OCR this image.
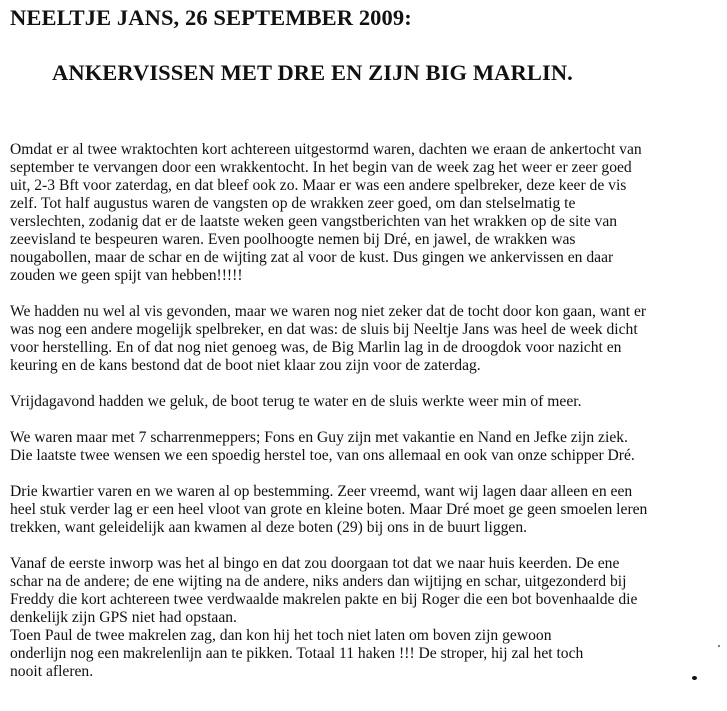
NEELTJE JANS, 26 SEPTEMBER 2009:
ANKERVISSEN MET DRE EN ZIJN BIG MARLIN.

Omdat er al twee wraktochten kort achtereen uitgestormd waren, dachten we eraan de ankertocht van
september te vervangen door een wrakkentocht. In het begin van de week zag het weer er zeer goed
uit, 2-3 Bft voor zaterdag, en dat bleef ook zo. Maar er was een andere spelbreker, deze keer de vis
zelf. Tot half augustus waren de vangsten op de wrakken zeer goed, om dan stelselmatig te
verslechten, zodanig dat er de laatste weken geen vangstberichten van het wrakken op de site van
zeevisland te bespeuren waren. Even poolhoogte nemen bij Dré, en jawel, de wrakken was
nougabollen, maar de schar en de wijting zat al voor de kust. Dus gingen we ankervissen en daar
zouden we geen spijt van hebben!!!!!

We hadden nu wel al vis gevonden, maar we waren nog niet zeker dat de tocht door kon gaan, want er
was nog een andere mogelijk spelbreker, en dat was: de sluis bij Neeltje Jans was heel de week dicht
voor herstelling. En of dat nog niet genoeg was, de Big Marlin lag in de droogdok voor nazicht en
keuring en de kans bestond dat de boot niet klaar zou zijn voor de zaterdag.

Vrijdagavond hadden we geluk, de boot terug te water en de sluis werkte weer min of meer.

We waren maar met 7 scharrenmeppers; Fons en Guy zijn met vakantie en Nand en Jefke zijn ziek.
Die laatste twee wensen we een spoedig herstel toe, van ons allemaal en ook van onze schipper Dré.

Drie kwartier varen en we waren al op bestemming. Zeer vreemd, want wij lagen daar alleen en een
heel stuk verder lag er een heel vloot van grote en kleine boten. Maar Dré moet ge geen smoelen leren
trekken, want geleidelijk aan kwamen al deze boten (29) bij ons in de buurt liggen.

Vanaf de eerste inworp was het al bingo en dat zou doorgaan tot dat we naar huis keerden. De ene
schar na de andere; de ene wijting na de andere, niks anders dan wijtijng en schar, uitgezonderd bij
Freddy die kort achtereen twee verdwaalde makrelen pakte en bij Roger die een bot bovenhaalde die
denkelijk zijn GPS niet had opstaan.
Toen Paul de twee makrelen zag, dan kon hij het toch niet laten om boven zijn gewoon
onderlijn nog een makrelenlijn aan te pikken. Totaal 11 haken !!! De stroper, hij zal het toch
nooit afleren.
